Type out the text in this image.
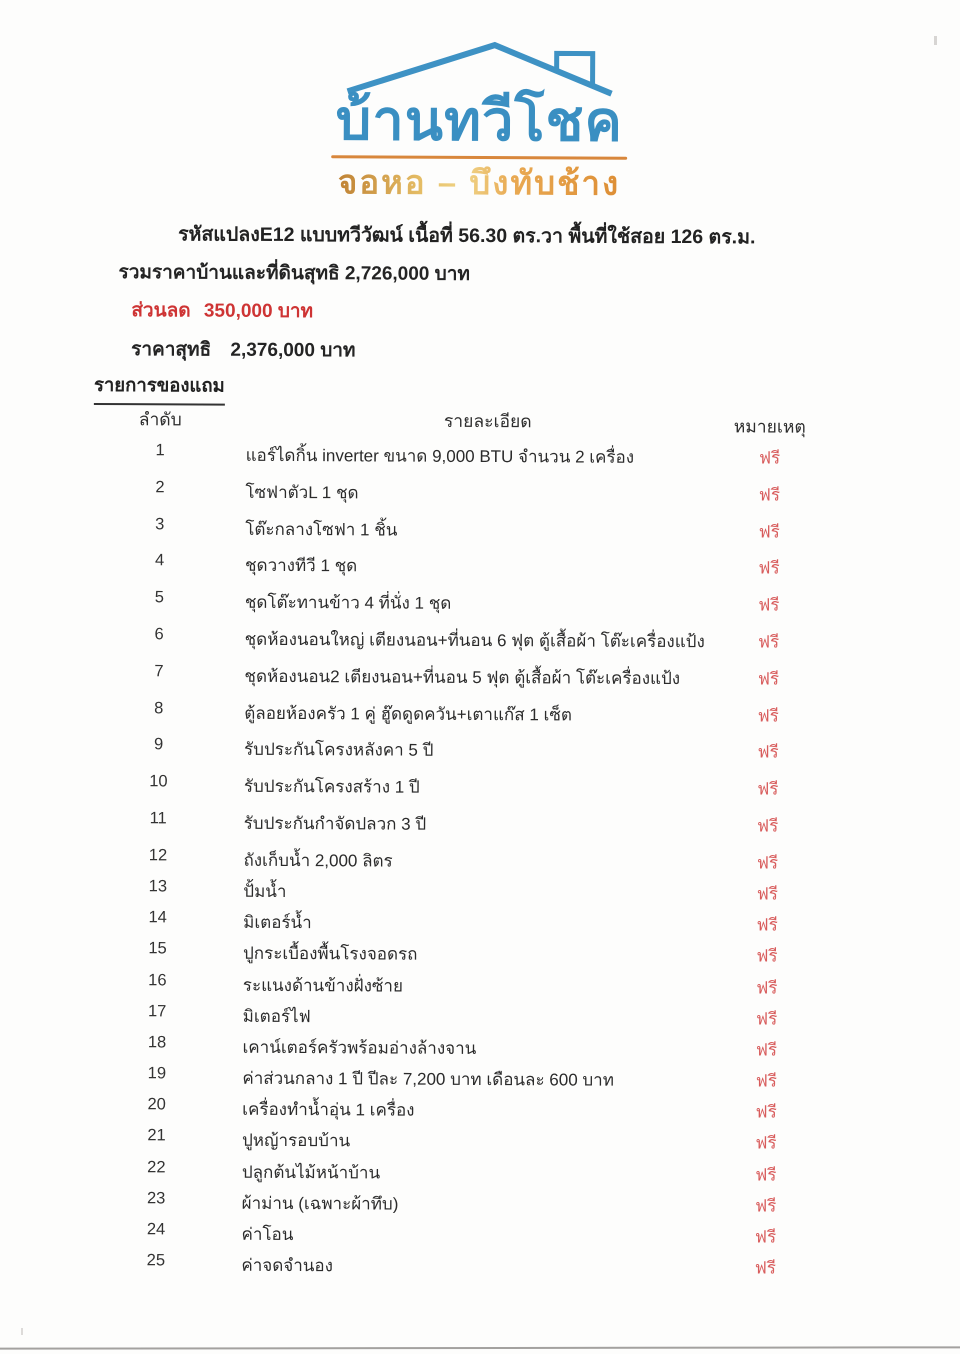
บ้านทวีโชค
จอหอ – บึงทับช้าง
รหัสแปลงE12 แบบทวีวัฒน์ เนื้อที่ 56.30 ตร.วา พื้นที่ใช้สอย 126 ตร.ม.
รวมราคาบ้านและที่ดินสุทธิ 2,726,000 บาท
ส่วนลด 350,000 บาท
ราคาสุทธิ 2,376,000 บาท
รายการของแถม
ลำดับ	รายละเอียด	หมายเหตุ
1	แอร์ไดกิ้น inverter ขนาด 9,000 BTU จำนวน 2 เครื่อง	ฟรี
2	โซฟาตัวL 1 ชุด	ฟรี
3	โต๊ะกลางโซฟา 1 ชิ้น	ฟรี
4	ชุดวางทีวี 1 ชุด	ฟรี
5	ชุดโต๊ะทานข้าว 4 ที่นั่ง 1 ชุด	ฟรี
6	ชุดห้องนอนใหญ่ เตียงนอน+ที่นอน 6 ฟุต ตู้เสื้อผ้า โต๊ะเครื่องแป้ง	ฟรี
7	ชุดห้องนอน2 เตียงนอน+ที่นอน 5 ฟุต ตู้เสื้อผ้า โต๊ะเครื่องแป้ง	ฟรี
8	ตู้ลอยห้องครัว 1 คู่ ฮู๊ดดูดควัน+เตาแก๊ส 1 เซ็ต	ฟรี
9	รับประกันโครงหลังคา 5 ปี	ฟรี
10	รับประกันโครงสร้าง 1 ปี	ฟรี
11	รับประกันกำจัดปลวก 3 ปี	ฟรี
12	ถังเก็บน้ำ 2,000 ลิตร	ฟรี
13	ปั้มน้ำ	ฟรี
14	มิเตอร์น้ำ	ฟรี
15	ปูกระเบื้องพื้นโรงจอดรถ	ฟรี
16	ระแนงด้านข้างฝั่งซ้าย	ฟรี
17	มิเตอร์ไฟ	ฟรี
18	เคาน์เตอร์ครัวพร้อมอ่างล้างจาน	ฟรี
19	ค่าส่วนกลาง 1 ปี ปีละ 7,200 บาท เดือนละ 600 บาท	ฟรี
20	เครื่องทำน้ำอุ่น 1 เครื่อง	ฟรี
21	ปูหญ้ารอบบ้าน	ฟรี
22	ปลูกต้นไม้หน้าบ้าน	ฟรี
23	ผ้าม่าน (เฉพาะผ้าทึบ)	ฟรี
24	ค่าโอน	ฟรี
25	ค่าจดจำนอง	ฟรี
